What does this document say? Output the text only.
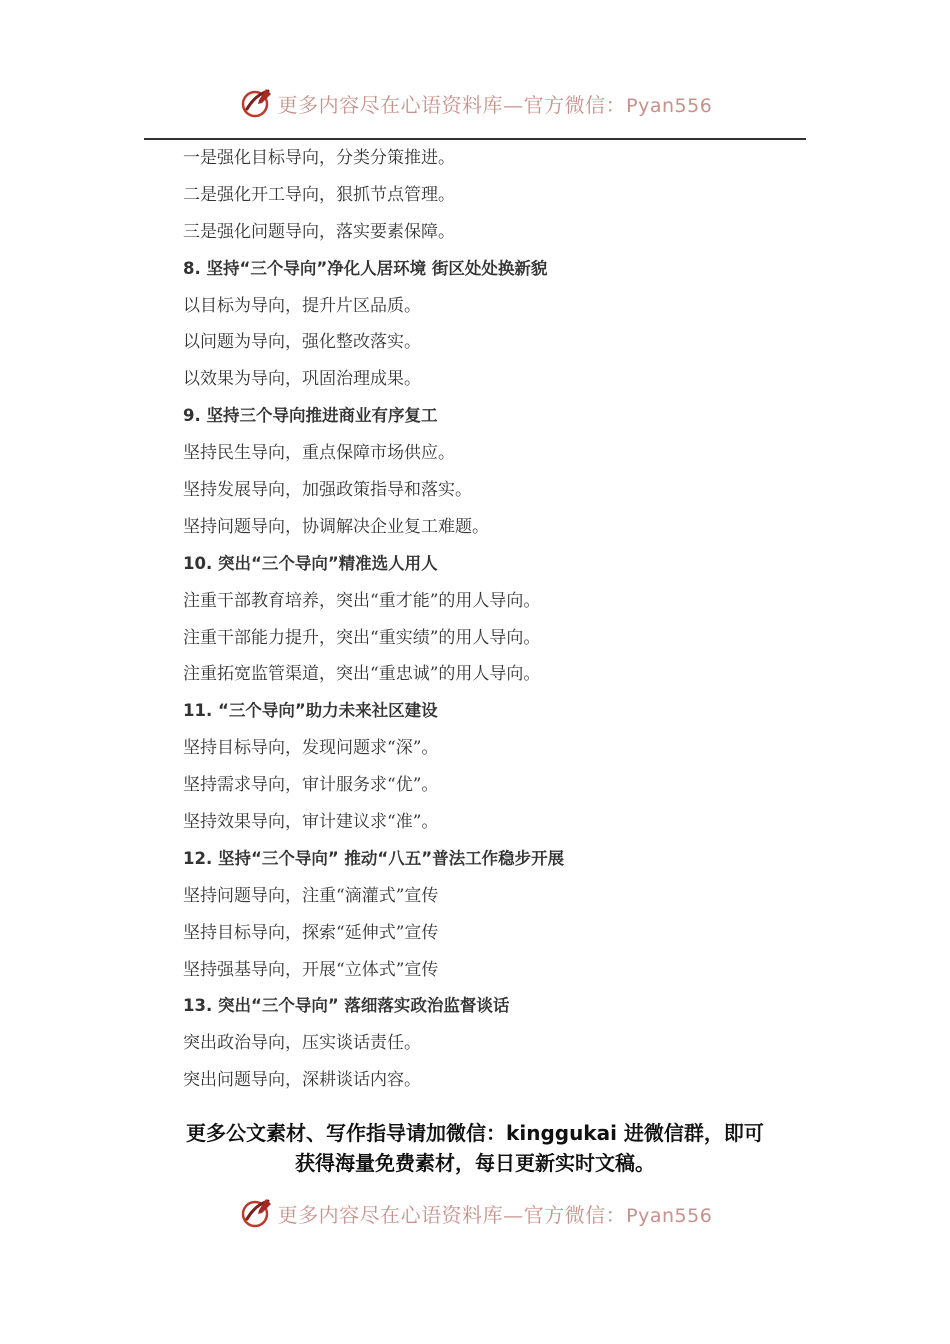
更多内容尽在心语资料库—官方微信：Pyan556
一是强化目标导向，分类分策推进。
二是强化开工导向，狠抓节点管理。
三是强化问题导向，落实要素保障。
8. 坚持“三个导向”净化人居环境 街区处处换新貌
以目标为导向，提升片区品质。
以问题为导向，强化整改落实。
以效果为导向，巩固治理成果。
9. 坚持三个导向推进商业有序复工
坚持民生导向，重点保障市场供应。
坚持发展导向，加强政策指导和落实。
坚持问题导向，协调解决企业复工难题。
10. 突出“三个导向”精准选人用人
注重干部教育培养，突出“重才能”的用人导向。
注重干部能力提升，突出“重实绩”的用人导向。
注重拓宽监管渠道，突出“重忠诚”的用人导向。
11. “三个导向”助力未来社区建设
坚持目标导向，发现问题求“深”。
坚持需求导向，审计服务求“优”。
坚持效果导向，审计建议求“准”。
12. 坚持“三个导向” 推动“八五”普法工作稳步开展
坚持问题导向，注重“滴灌式”宣传
坚持目标导向，探索“延伸式”宣传
坚持强基导向，开展“立体式”宣传
13. 突出“三个导向” 落细落实政治监督谈话
突出政治导向，压实谈话责任。
突出问题导向，深耕谈话内容。
更多公文素材、写作指导请加微信：kinggukai 进微信群，即可
获得海量免费素材，每日更新实时文稿。
更多内容尽在心语资料库—官方微信：Pyan556
